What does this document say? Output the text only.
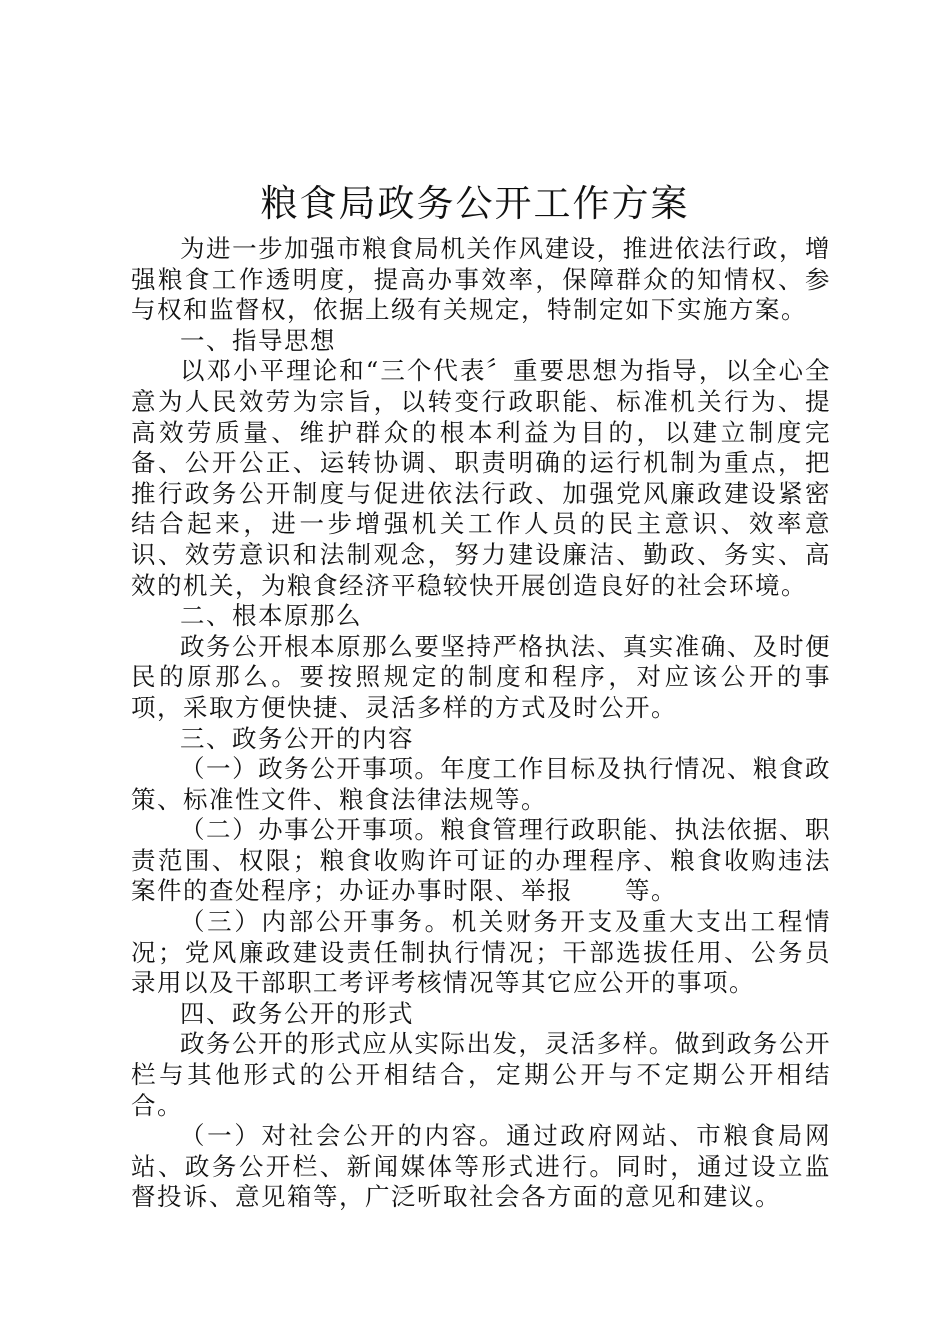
粮食局政务公开工作方案

为进一步加强市粮食局机关作风建设，推进依法行政，增强粮食工作透明度，提高办事效率，保障群众的知情权、参与权和监督权，依据上级有关规定，特制定如下实施方案。

一、指导思想

以邓小平理论和“三个代表〞重要思想为指导，以全心全意为人民效劳为宗旨，以转变行政职能、标准机关行为、提高效劳质量、维护群众的根本利益为目的，以建立制度完备、公开公正、运转协调、职责明确的运行机制为重点，把推行政务公开制度与促进依法行政、加强党风廉政建设紧密结合起来，进一步增强机关工作人员的民主意识、效率意识、效劳意识和法制观念，努力建设廉洁、勤政、务实、高效的机关，为粮食经济平稳较快开展创造良好的社会环境。

二、根本原那么

政务公开根本原那么要坚持严格执法、真实准确、及时便民的原那么。要按照规定的制度和程序，对应该公开的事项，采取方便快捷、灵活多样的方式及时公开。

三、政务公开的内容

（一）政务公开事项。年度工作目标及执行情况、粮食政策、标准性文件、粮食法律法规等。

（二）办事公开事项。粮食管理行政职能、执法依据、职责范围、权限；粮食收购许可证的办理程序、粮食收购违法案件的查处程序；办证办事时限、举报　　等。

（三）内部公开事务。机关财务开支及重大支出工程情况；党风廉政建设责任制执行情况；干部选拔任用、公务员录用以及干部职工考评考核情况等其它应公开的事项。

四、政务公开的形式

政务公开的形式应从实际出发，灵活多样。做到政务公开栏与其他形式的公开相结合，定期公开与不定期公开相结合。

（一）对社会公开的内容。通过政府网站、市粮食局网站、政务公开栏、新闻媒体等形式进行。同时，通过设立监督投诉、意见箱等，广泛听取社会各方面的意见和建议。
